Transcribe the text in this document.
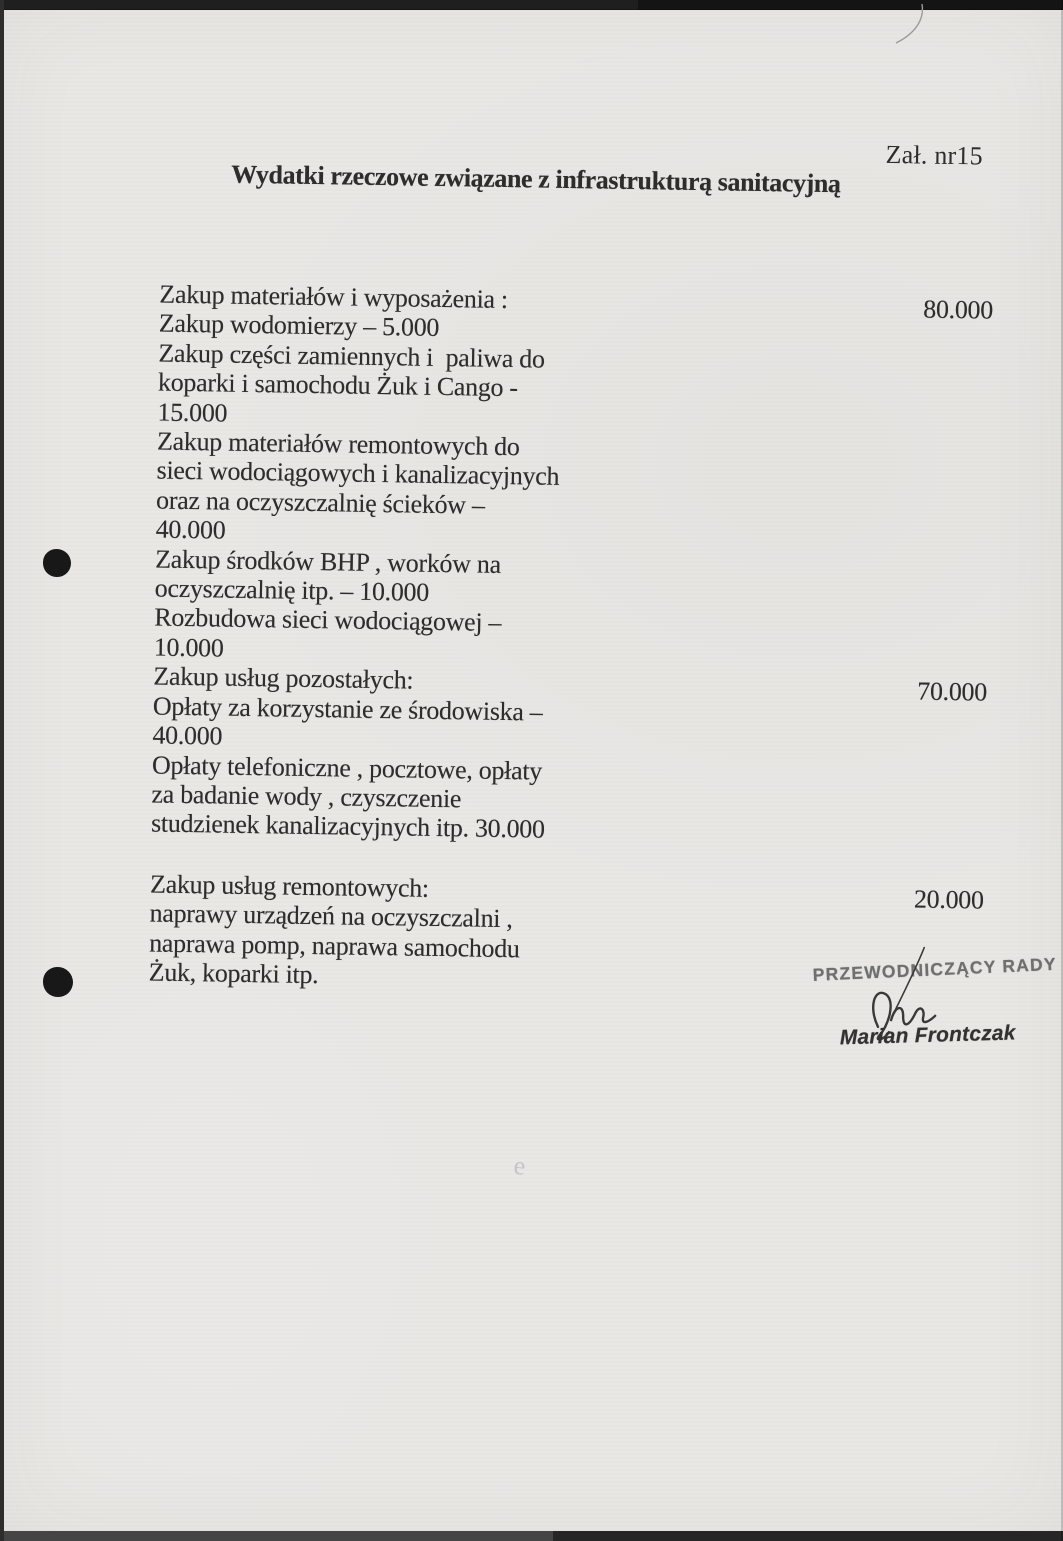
Zał. nr15
Wydatki rzeczowe związane z infrastrukturą sanitacyjną
Zakup materiałów i wyposażenia :
Zakup wodomierzy – 5.000
Zakup części zamiennych i  paliwa do
koparki i samochodu Żuk i Cango -
15.000
Zakup materiałów remontowych do
sieci wodociągowych i kanalizacyjnych
oraz na oczyszczalnię ścieków –
40.000
Zakup środków BHP , worków na
oczyszczalnię itp. – 10.000
Rozbudowa sieci wodociągowej –
10.000
80.000
Zakup usług pozostałych:
Opłaty za korzystanie ze środowiska –
40.000
Opłaty telefoniczne , pocztowe, opłaty
za badanie wody , czyszczenie
studzienek kanalizacyjnych itp. 30.000
70.000
Zakup usług remontowych:
naprawy urządzeń na oczyszczalni ,
naprawa pomp, naprawa samochodu
Żuk, koparki itp.
20.000
PRZEWODNICZĄCY RADY
Marian Frontczak
e
